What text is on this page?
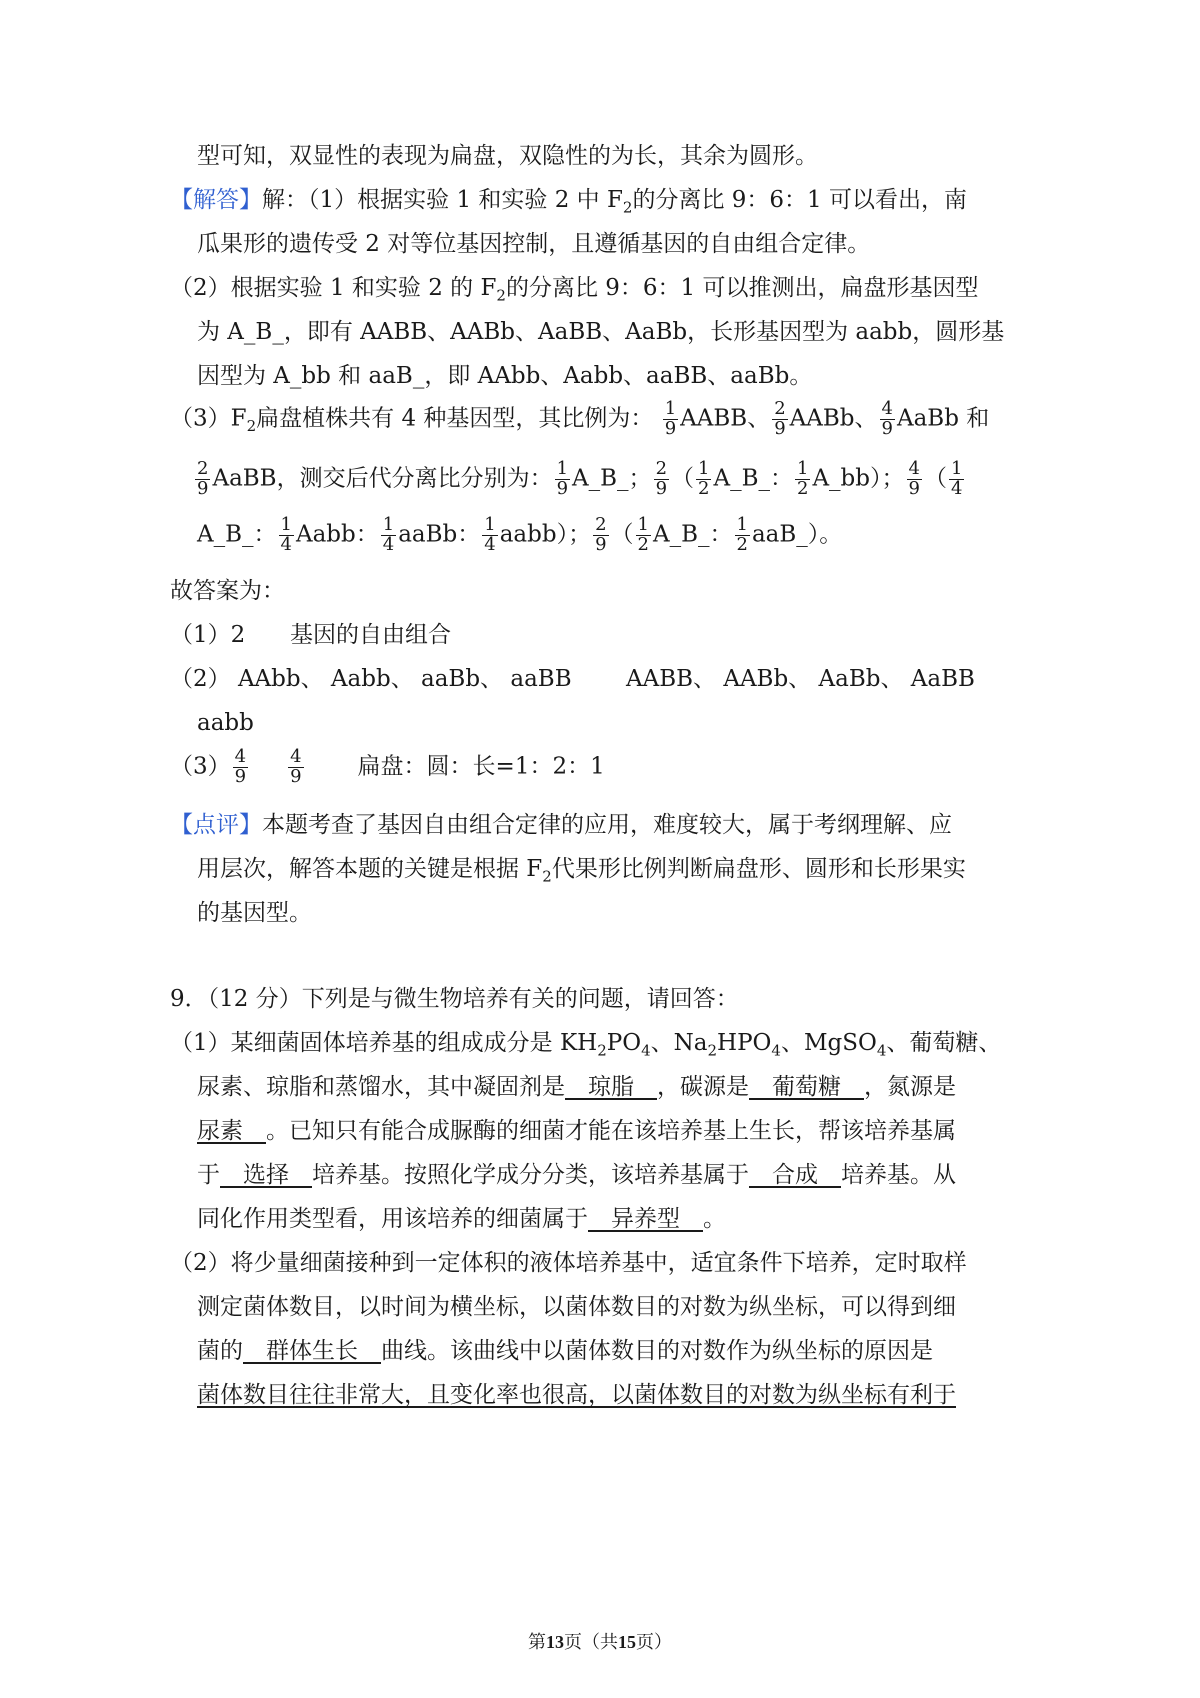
型可知，双显性的表现为扁盘，双隐性的为长，其余为圆形。
【解答】解：（1）根据实验 1 和实验 2 中 $F_2$的分离比 9：6：1 可以看出，南
瓜果形的遗传受 2 对等位基因控制，且遵循基因的自由组合定律。
（2）根据实验 1 和实验 2 的 $F_2$的分离比 9：6：1 可以推测出，扁盘形基因型
为 A_B_，即有 AABB、AABb、AaBB、AaBb，长形基因型为 aabb，圆形基
因型为 A_bb 和 aaB_，即 AAbb、Aabb、aaBB、aaBb。
$(3)F_2$扁盘植株共有 4 种基因型，其比例为： $\frac{1}{9}$ AABB、 $\frac{2}{9}$ AABb、 $\frac{4}{9}$ AaBb 和
$\frac{2}{9}$ AaBB，测交后代分离比分别为： $\frac{1}{9}$ A_B_； $\frac{2}{9}$ （ $\frac{1}{2}$ A_B_： $\frac{1}{2}$ A_bb）； $\frac{4}{9}$ （ $\frac{1}{4}$
A_B_： $\frac{1}{4}$ Aabb： $\frac{1}{4}$ aaBb： $\frac{1}{4}$ aabb）； $\frac{2}{9}$ （ $\frac{1}{2}$ A_B_： $\frac{1}{2}$ aaB_）。
故答案为：
（1）2 基因的自由组合
（2） AAbb、 Aabb、 aaBb、 aaBB AABB、 AABb、 AaBb、 AaBB
aabb
$(3) \frac{4}{9} \frac{4}{9}$ 扁盘：圆：长=1：2：1
【点评】本题考查了基因自由组合定律的应用，难度较大，属于考纲理解、应
用层次，解答本题的关键是根据 $F_2$代果形比例判断扁盘形、圆形和长形果实
的基因型。
9．（12 分）下列是与微生物培养有关的问题，请回答：
（1）某细菌固体培养基的组成成分是 $KH_2PO_4$、$Na_2HPO_4$、MgSO$_4$、葡萄糖、
尿素、琼脂和蒸馏水，其中凝固剂是   琼脂   ，碳源是   葡萄糖   ，氮源是
尿素   。已知只有能合成脲酶的细菌才能在该培养基上生长，帮该培养基属
于   选择   培养基。按照化学成分分类，该培养基属于   合成   培养基。从
同化作用类型看，用该培养的细菌属于   异养型   。
（2）将少量细菌接种到一定体积的液体培养基中，适宜条件下培养，定时取样
测定菌体数目，以时间为横坐标，以菌体数目的对数为纵坐标，可以得到细
菌的   群体生长   曲线。该曲线中以菌体数目的对数作为纵坐标的原因是
菌体数目往往非常大，且变化率也很高，以菌体数目的对数为纵坐标有利于
第13页（共15页）
